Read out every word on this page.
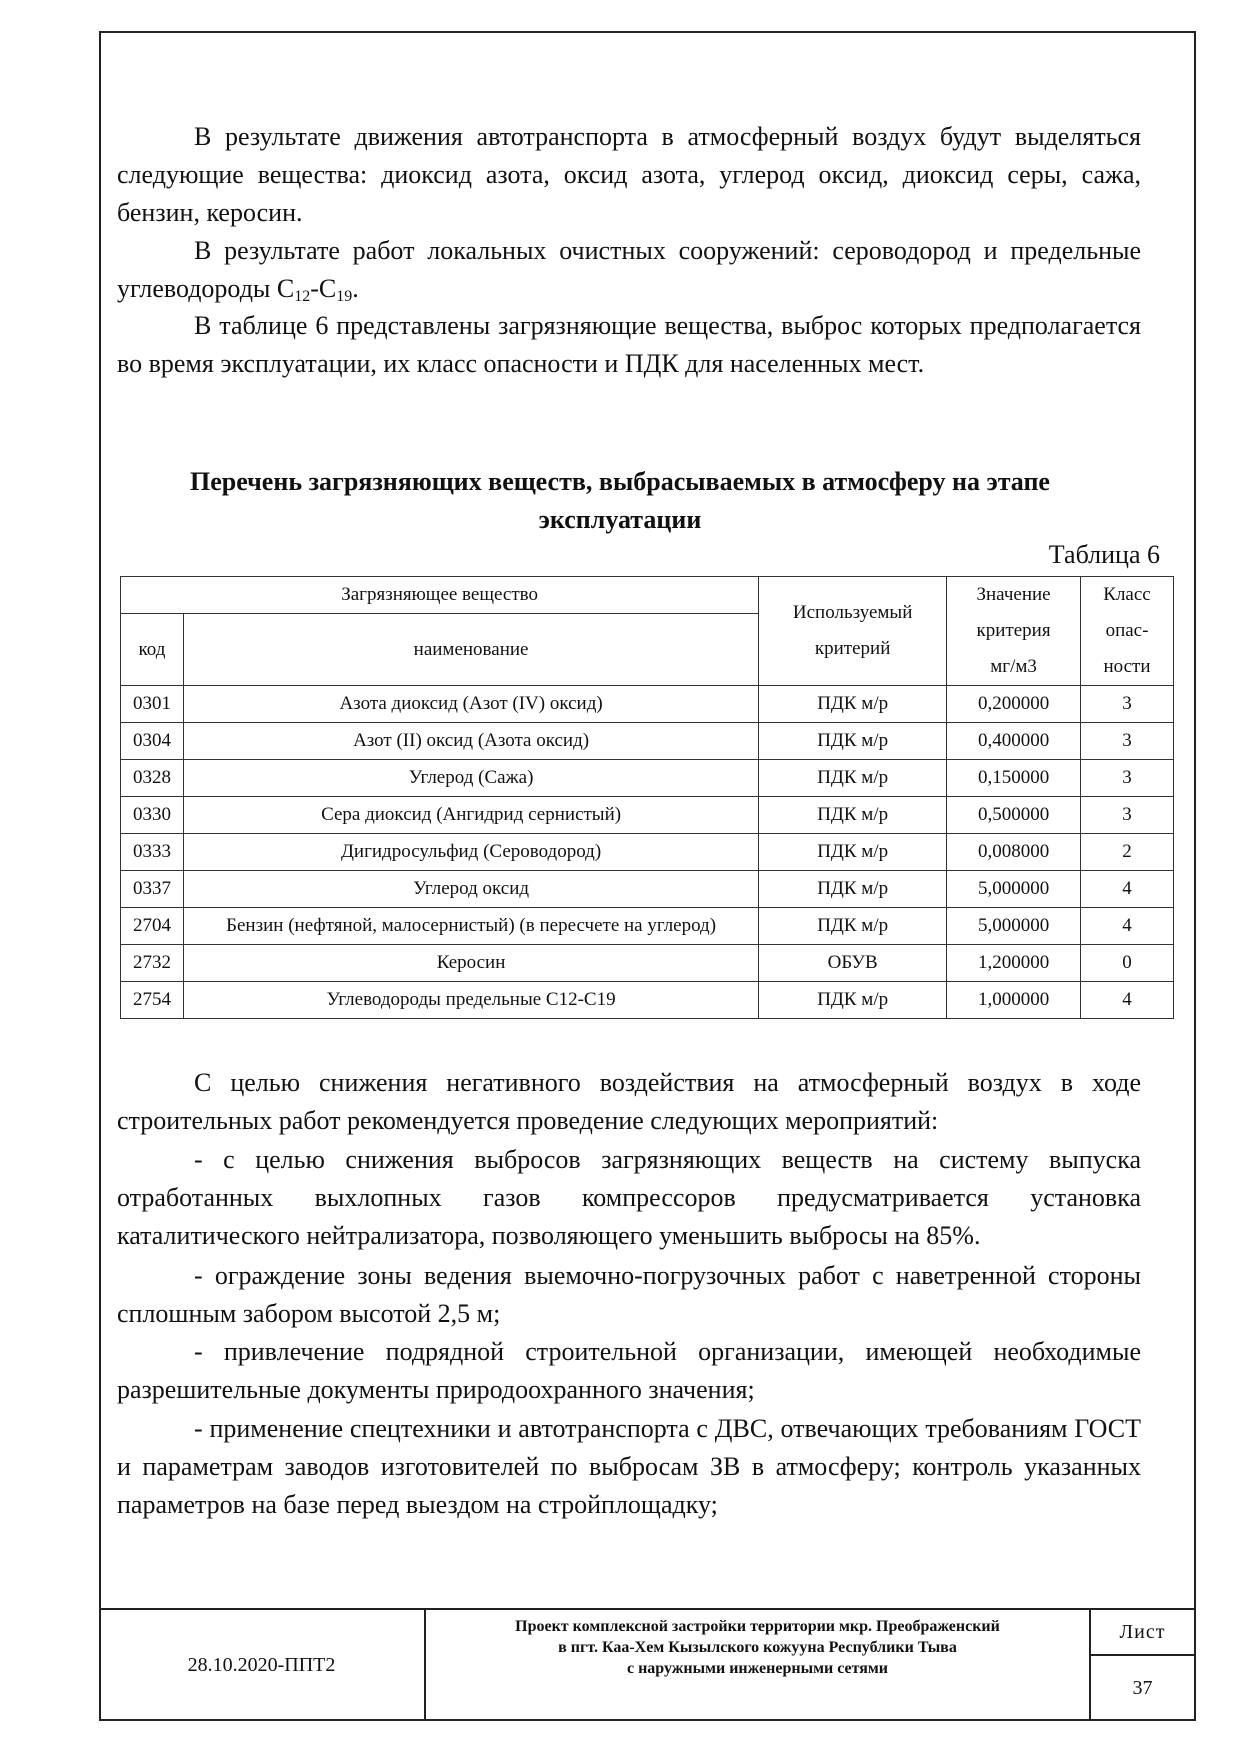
В результате движения автотранспорта в атмосферный воздух будут выделяться следующие вещества: диоксид азота, оксид азота, углерод оксид, диоксид серы, сажа, бензин, керосин.

В результате работ локальных очистных сооружений: сероводород и предельные углеводороды $С_{12}-С_{19}$.

В таблице 6 представлены загрязняющие вещества, выброс которых предполагается во время эксплуатации, их класс опасности и ПДК для населенных мест.

Перечень загрязняющих веществ, выбрасываемых в атмосферу на этапе эксплуатации

Таблица 6
Загрязняющее вещество		Используемый критерий	Значение критерия мг/м3	Класс опас-ности

код	наименование			
0301	Азота диоксид (Азот (IV) оксид)	ПДК м/р	0,200000	3
0304	Азот (II) оксид (Азота оксид)	ПДК м/р	0,400000	3
0328	Углерод (Сажа)	ПДК м/р	0,150000	3
0330	Сера диоксид (Ангидрид сернистый)	ПДК м/р	0,500000	3
0333	Дигидросульфид (Сероводород)	ПДК м/р	0,008000	2
0337	Углерод оксид	ПДК м/р	5,000000	4
2704	Бензин (нефтяной, малосернистый) (в пересчете на углерод)	ПДК м/р	5,000000	4
2732	Керосин	ОБУВ	1,200000	0
2754	Углеводороды предельные С12-С19	ПДК м/р	1,000000	4

С целью снижения негативного воздействия на атмосферный воздух в ходе строительных работ рекомендуется проведение следующих мероприятий:

- с целью снижения выбросов загрязняющих веществ на систему выпуска отработанных выхлопных газов компрессоров предусматривается установка каталитического нейтрализатора, позволяющего уменьшить выбросы на 85%.

- ограждение зоны ведения выемочно-погрузочных работ с наветренной стороны сплошным забором высотой 2,5 м;

- привлечение подрядной строительной организации, имеющей необходимые разрешительные документы природоохранного значения;

- применение спецтехники и автотранспорта с ДВС, отвечающих требованиям ГОСТ и параметрам заводов изготовителей по выбросам ЗВ в атмосферу; контроль указанных параметров на базе перед выездом на стройплощадку;

28.10.2020-ППТ2
Проект комплексной застройки территории мкр. Преображенский
в пгт. Каа-Хем Кызылского кожууна Республики Тыва
с наружными инженерными сетями
Лист
37
